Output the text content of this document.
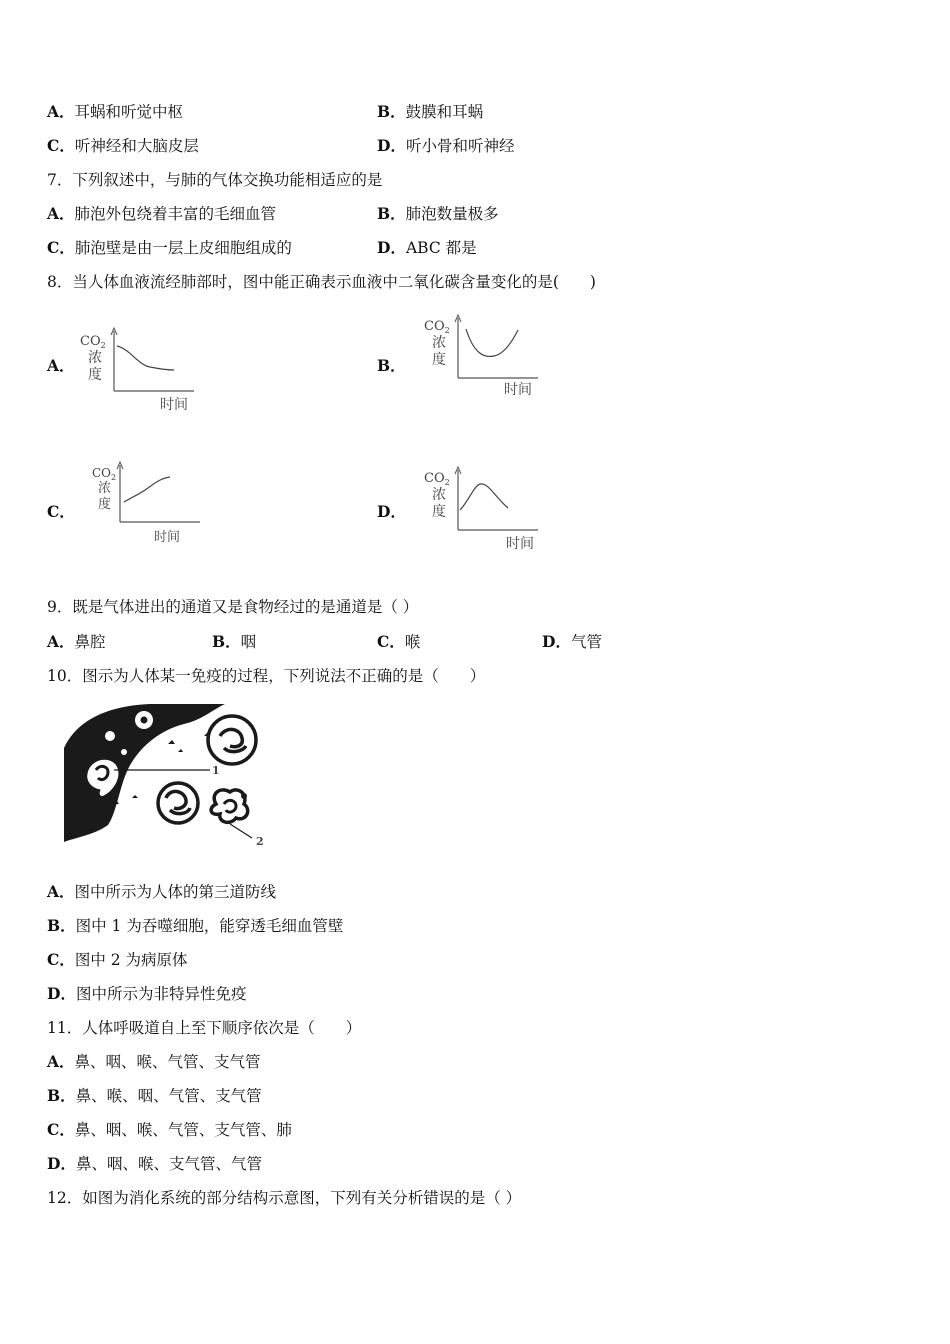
A．耳蜗和听觉中枢	B．鼓膜和耳蜗
C．听神经和大脑皮层	D．听小骨和听神经
7．下列叙述中，与肺的气体交换功能相适应的是
A．肺泡外包绕着丰富的毛细血管	B．肺泡数量极多
C．肺泡壁是由一层上皮细胞组成的	D．ABC 都是
8．当人体血液流经肺部时，图中能正确表示血液中二氧化碳含量变化的是(　　)
A．	B．
C．	D．
$CO_2$
浓
度
时间
$CO_2$
浓
度
时间
$CO_2$
浓
度
时间
$CO_2$
浓
度
时间
9．既是气体进出的通道又是食物经过的是通道是（ ）
A．鼻腔	B．咽	C．喉	D．气管
10．图示为人体某一免疫的过程，下列说法不正确的是（　　）
1
2
A．图中所示为人体的第三道防线
B．图中 1 为吞噬细胞，能穿透毛细血管壁
C．图中 2 为病原体
D．图中所示为非特异性免疫
11．人体呼吸道自上至下顺序依次是（　　）
A．鼻、咽、喉、气管、支气管
B．鼻、喉、咽、气管、支气管
C．鼻、咽、喉、气管、支气管、肺
D．鼻、咽、喉、支气管、气管
12．如图为消化系统的部分结构示意图，下列有关分析错误的是（ ）
